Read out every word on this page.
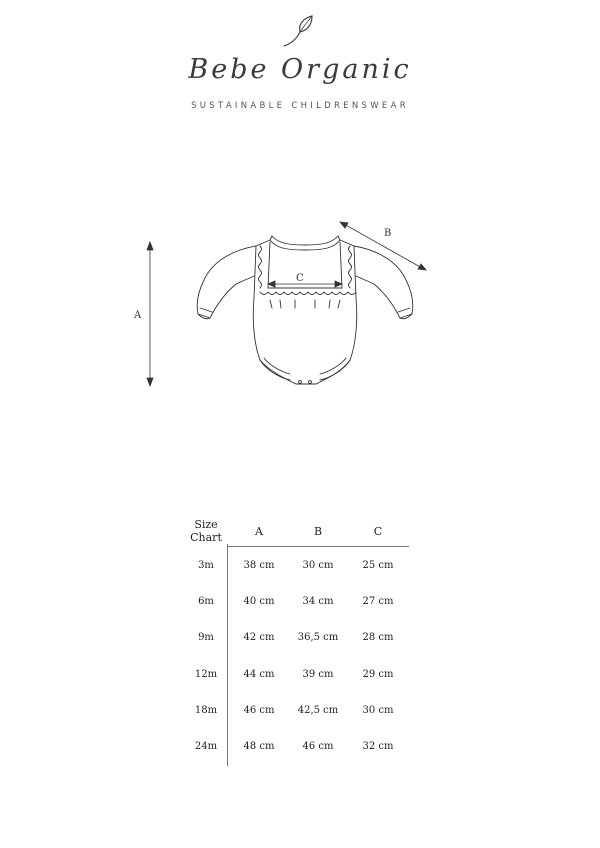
Bebe Organic
SUSTAINABLE CHILDRENSWEAR
A
B
C
Size
Chart	A	B	C
3m	38 cm	30 cm	25 cm
6m	40 cm	34 cm	27 cm
9m	42 cm	36,5 cm	28 cm
12m	44 cm	39 cm	29 cm
18m	46 cm	42,5 cm	30 cm
24m	48 cm	46 cm	32 cm
